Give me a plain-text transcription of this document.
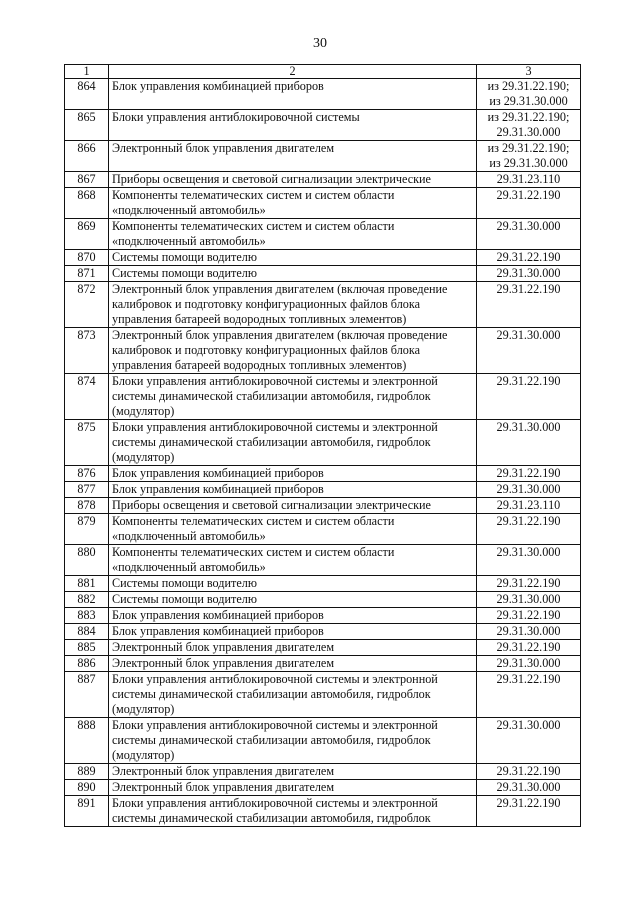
30
1	2	3
864	Блок управления комбинацией приборов	из 29.31.22.190;
из 29.31.30.000

865	Блоки управления антиблокировочной системы	из 29.31.22.190;
29.31.30.000

866	Электронный блок управления двигателем	из 29.31.22.190;
из 29.31.30.000

867	Приборы освещения и световой сигнализации электрические	29.31.23.110

868	Компоненты телематических систем и систем области «подключенный автомобиль»	29.31.22.190

869	Компоненты телематических систем и систем области «подключенный автомобиль»	29.31.30.000

870	Системы помощи водителю	29.31.22.190

871	Системы помощи водителю	29.31.30.000

872	Электронный блок управления двигателем (включая проведение калибровок и подготовку конфигурационных файлов блока управления батареей водородных топливных элементов)	29.31.22.190

873	Электронный блок управления двигателем (включая проведение калибровок и подготовку конфигурационных файлов блока управления батареей водородных топливных элементов)	29.31.30.000

874	Блоки управления антиблокировочной системы и электронной системы динамической стабилизации автомобиля, гидроблок (модулятор)	29.31.22.190

875	Блоки управления антиблокировочной системы и электронной системы динамической стабилизации автомобиля, гидроблок (модулятор)	29.31.30.000

876	Блок управления комбинацией приборов	29.31.22.190

877	Блок управления комбинацией приборов	29.31.30.000

878	Приборы освещения и световой сигнализации электрические	29.31.23.110

879	Компоненты телематических систем и систем области «подключенный автомобиль»	29.31.22.190

880	Компоненты телематических систем и систем области «подключенный автомобиль»	29.31.30.000

881	Системы помощи водителю	29.31.22.190

882	Системы помощи водителю	29.31.30.000

883	Блок управления комбинацией приборов	29.31.22.190

884	Блок управления комбинацией приборов	29.31.30.000

885	Электронный блок управления двигателем	29.31.22.190

886	Электронный блок управления двигателем	29.31.30.000

887	Блоки управления антиблокировочной системы и электронной системы динамической стабилизации автомобиля, гидроблок (модулятор)	29.31.22.190

888	Блоки управления антиблокировочной системы и электронной системы динамической стабилизации автомобиля, гидроблок (модулятор)	29.31.30.000

889	Электронный блок управления двигателем	29.31.22.190

890	Электронный блок управления двигателем	29.31.30.000

891	Блоки управления антиблокировочной системы и электронной системы динамической стабилизации автомобиля, гидроблок	29.31.22.190
